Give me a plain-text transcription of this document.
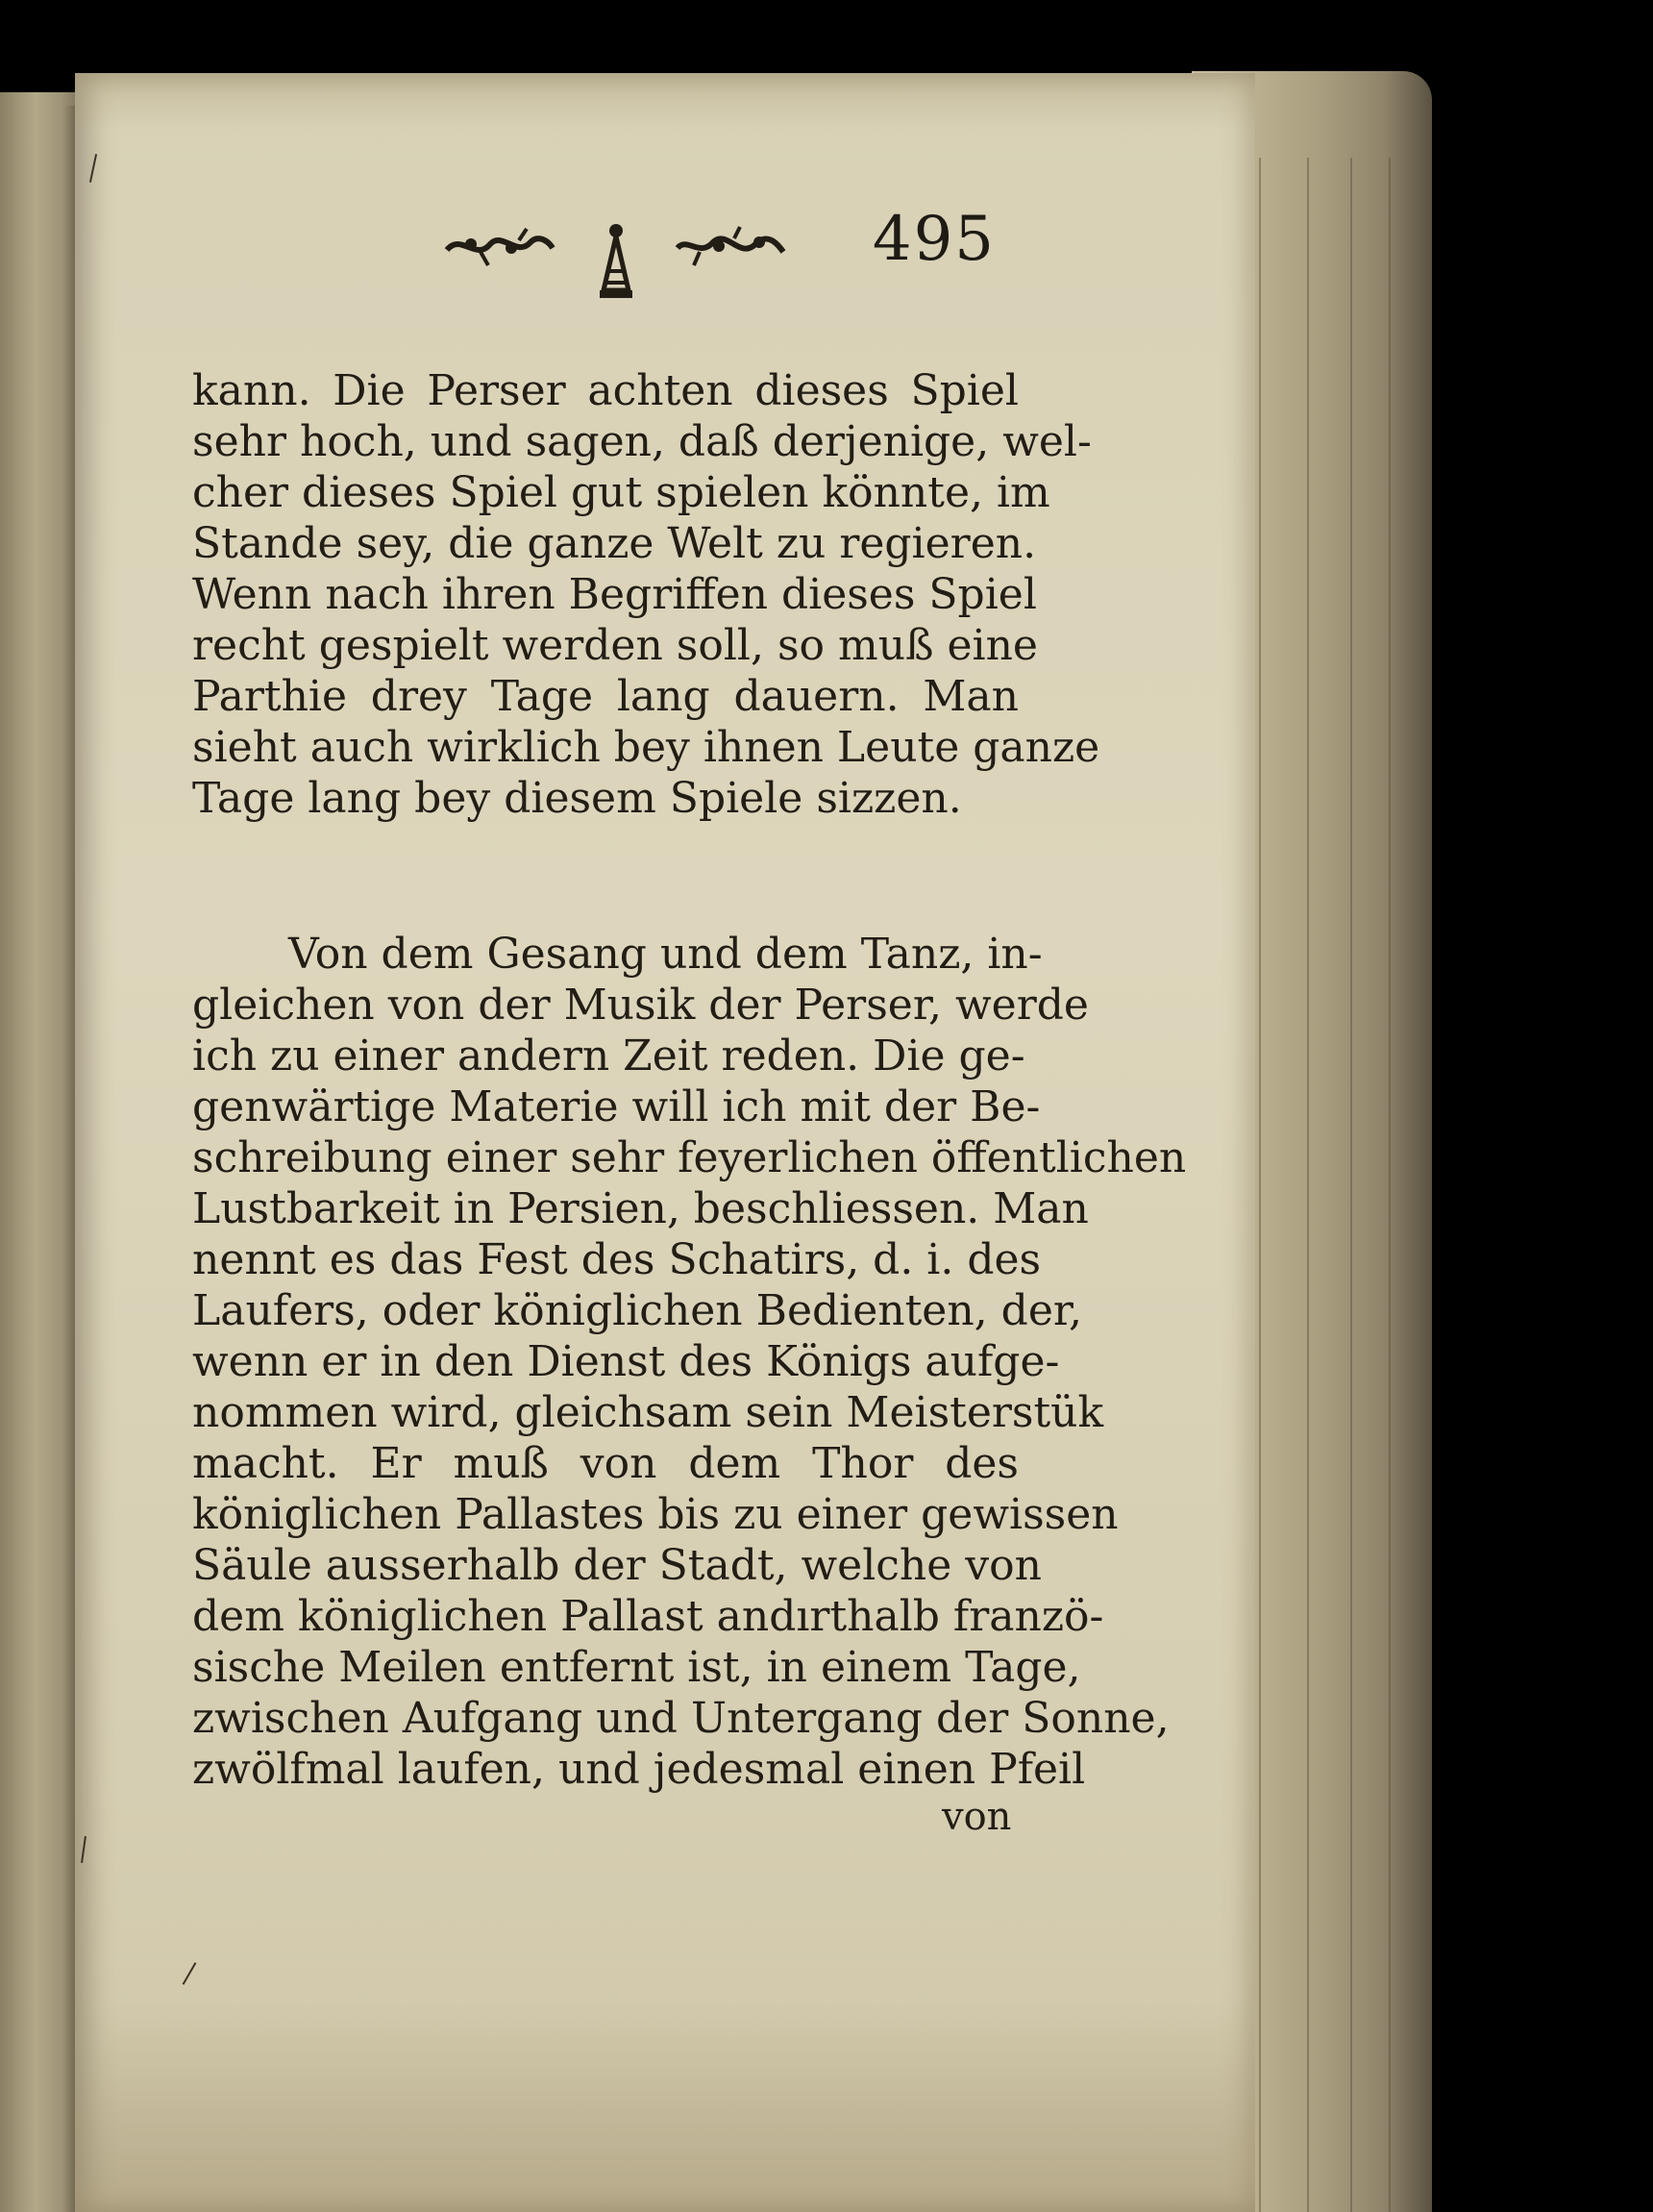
495
kann. Die Perser achten dieses Spiel
sehr hoch, und sagen, daß derjenige, wel-
cher dieses Spiel gut spielen könnte, im
Stande sey, die ganze Welt zu regieren.
Wenn nach ihren Begriffen dieses Spiel
recht gespielt werden soll, so muß eine
Parthie drey Tage lang dauern. Man
sieht auch wirklich bey ihnen Leute ganze
Tage lang bey diesem Spiele sizzen.
Von dem Gesang und dem Tanz, in-
gleichen von der Musik der Perser, werde
ich zu einer andern Zeit reden. Die ge-
genwärtige Materie will ich mit der Be-
schreibung einer sehr feyerlichen öffentlichen
Lustbarkeit in Persien, beschliessen. Man
nennt es das Fest des Schatirs, d. i. des
Laufers, oder königlichen Bedienten, der,
wenn er in den Dienst des Königs aufge-
nommen wird, gleichsam sein Meisterstük
macht. Er muß von dem Thor des
königlichen Pallastes bis zu einer gewissen
Säule ausserhalb der Stadt, welche von
dem königlichen Pallast andırthalb franzö-
sische Meilen entfernt ist, in einem Tage,
zwischen Aufgang und Untergang der Sonne,
zwölfmal laufen, und jedesmal einen Pfeil
von
